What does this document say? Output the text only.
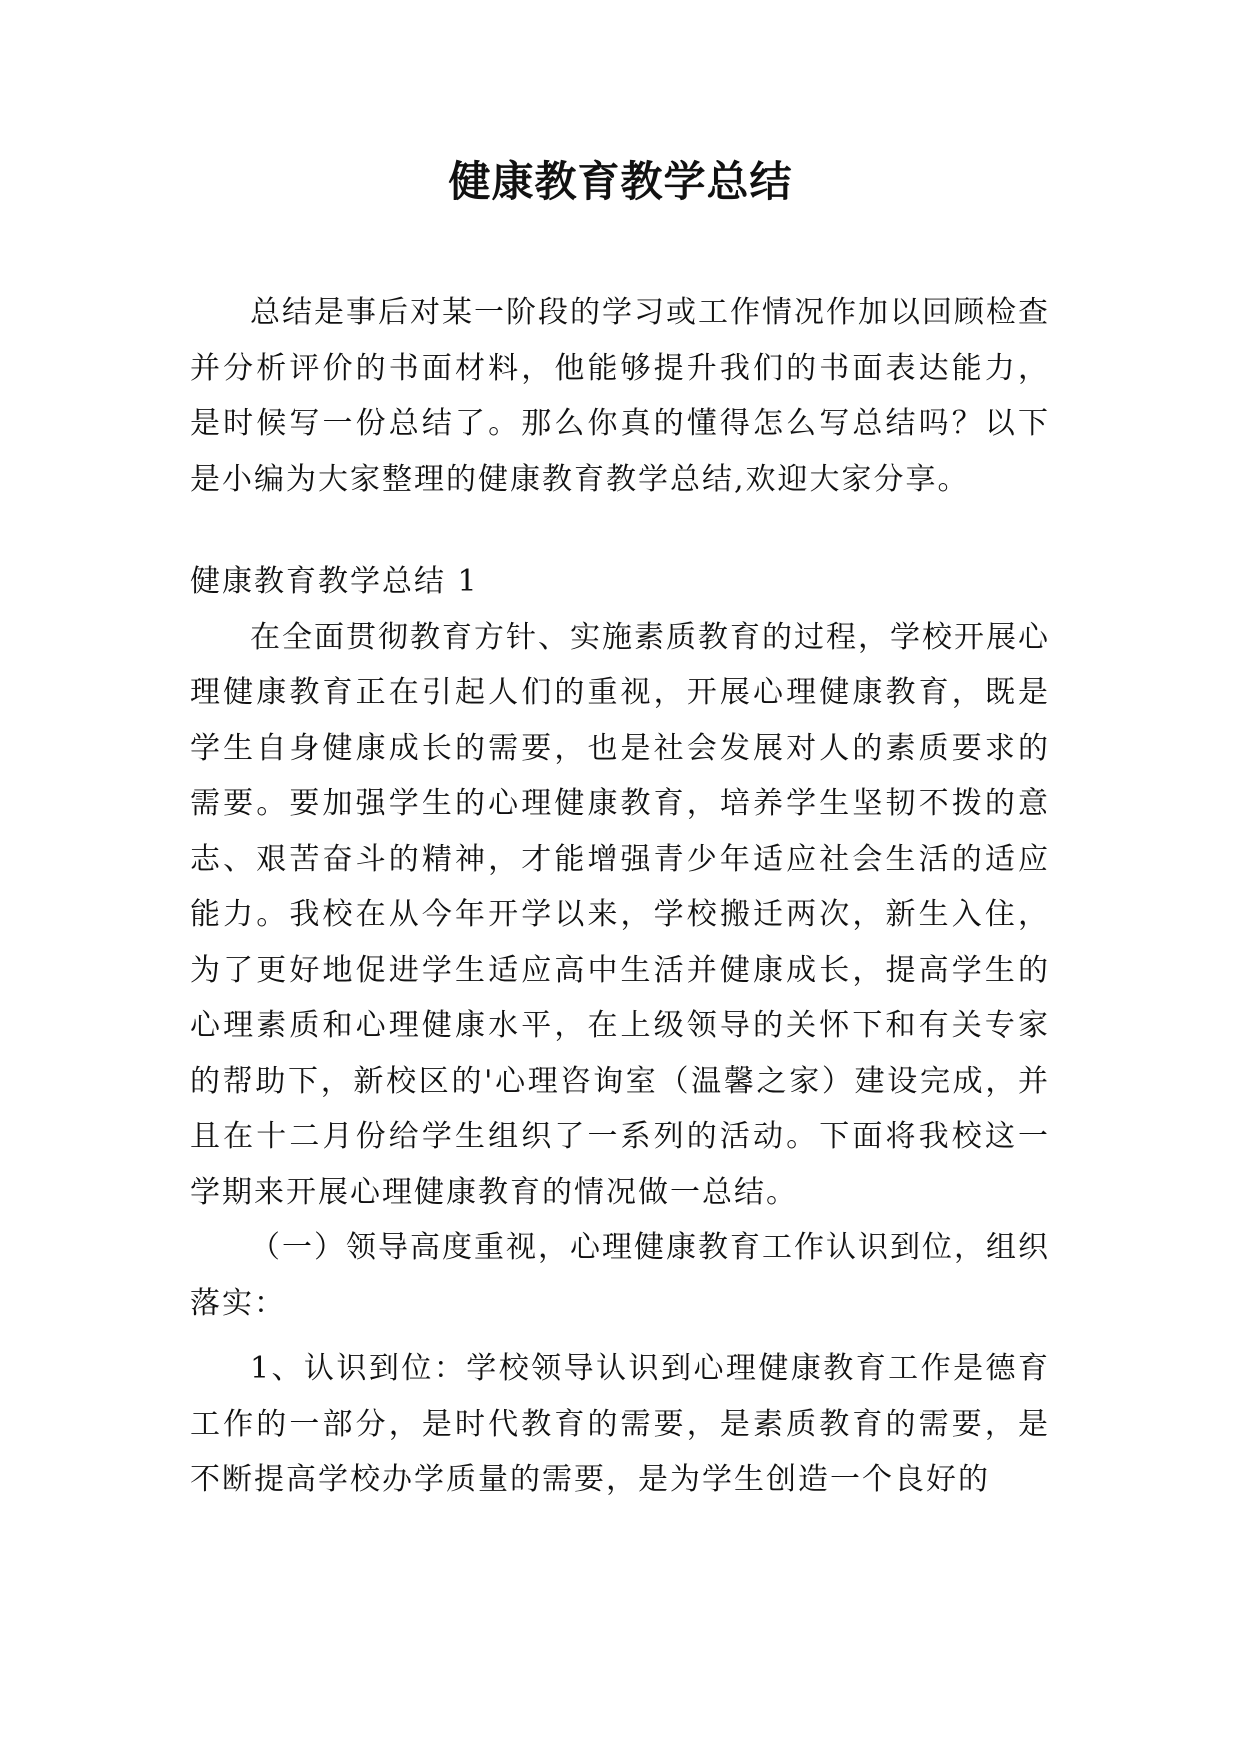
健康教育教学总结

总结是事后对某一阶段的学习或工作情况作加以回顾检查并分析评价的书面材料，他能够提升我们的书面表达能力，是时候写一份总结了。那么你真的懂得怎么写总结吗？以下是小编为大家整理的健康教育教学总结,欢迎大家分享。

健康教育教学总结 1

在全面贯彻教育方针、实施素质教育的过程，学校开展心理健康教育正在引起人们的重视，开展心理健康教育，既是学生自身健康成长的需要，也是社会发展对人的素质要求的需要。要加强学生的心理健康教育，培养学生坚韧不拨的意志、艰苦奋斗的精神，才能增强青少年适应社会生活的适应能力。我校在从今年开学以来，学校搬迁两次，新生入住，为了更好地促进学生适应高中生活并健康成长，提高学生的心理素质和心理健康水平，在上级领导的关怀下和有关专家的帮助下，新校区的'心理咨询室（温馨之家）建设完成，并且在十二月份给学生组织了一系列的活动。下面将我校这一学期来开展心理健康教育的情况做一总结。

（一）领导高度重视，心理健康教育工作认识到位，组织落实：

1、认识到位：学校领导认识到心理健康教育工作是德育工作的一部分，是时代教育的需要，是素质教育的需要，是不断提高学校办学质量的需要，是为学生创造一个良好的
